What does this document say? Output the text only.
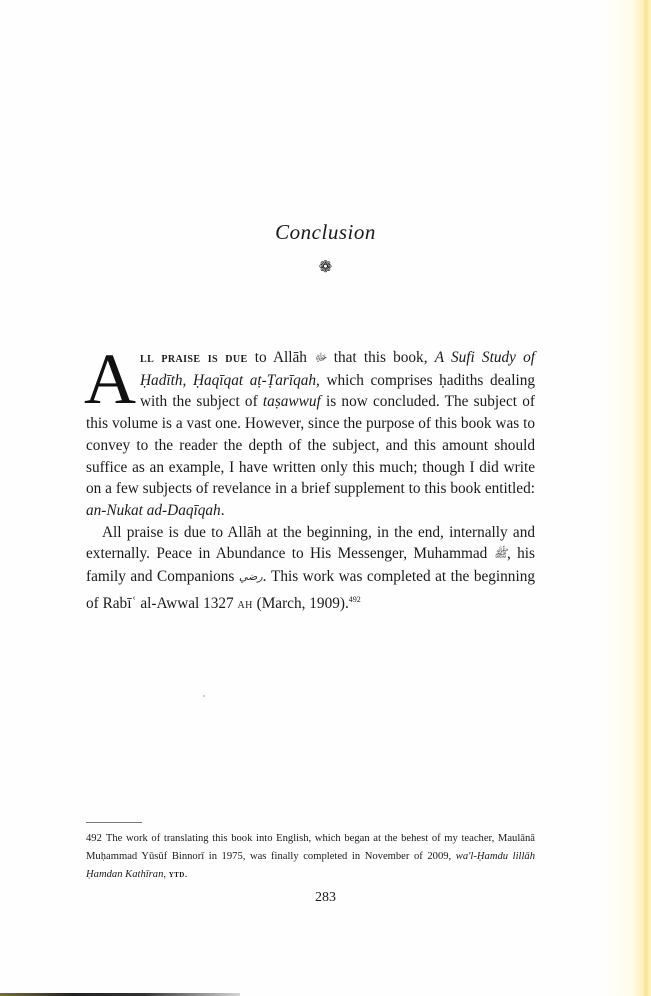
Conclusion
❁

All praise is due to Allāh ﷻ that this book, A Sufi Study of Ḥadīth, Ḥaqīqat aṭ-Ṭarīqah, which comprises ḥadiths dealing with the subject of taṣawwuf is now concluded. The subject of this volume is a vast one. However, since the purpose of this book was to convey to the reader the depth of the subject, and this amount should suffice as an example, I have written only this much; though I did write on a few subjects of revelance in a brief supplement to this book entitled: an-Nukat ad-Daqīqah.

All praise is due to Allāh at the beginning, in the end, internally and externally. Peace in Abundance to His Messenger, Muhammad ﷺ, his family and Companions رضي. This work was completed at the beginning of Rabīʿ al-Awwal 1327 ah (March, 1909).$^{492}$

492 The work of translating this book into English, which began at the behest of my teacher, Maulānā Muḥammad Yūsūf Binnorī in 1975, was finally completed in November of 2009, wa'l-Ḥamdu lillāh Ḥamdan Kathīran, ytd.
283
